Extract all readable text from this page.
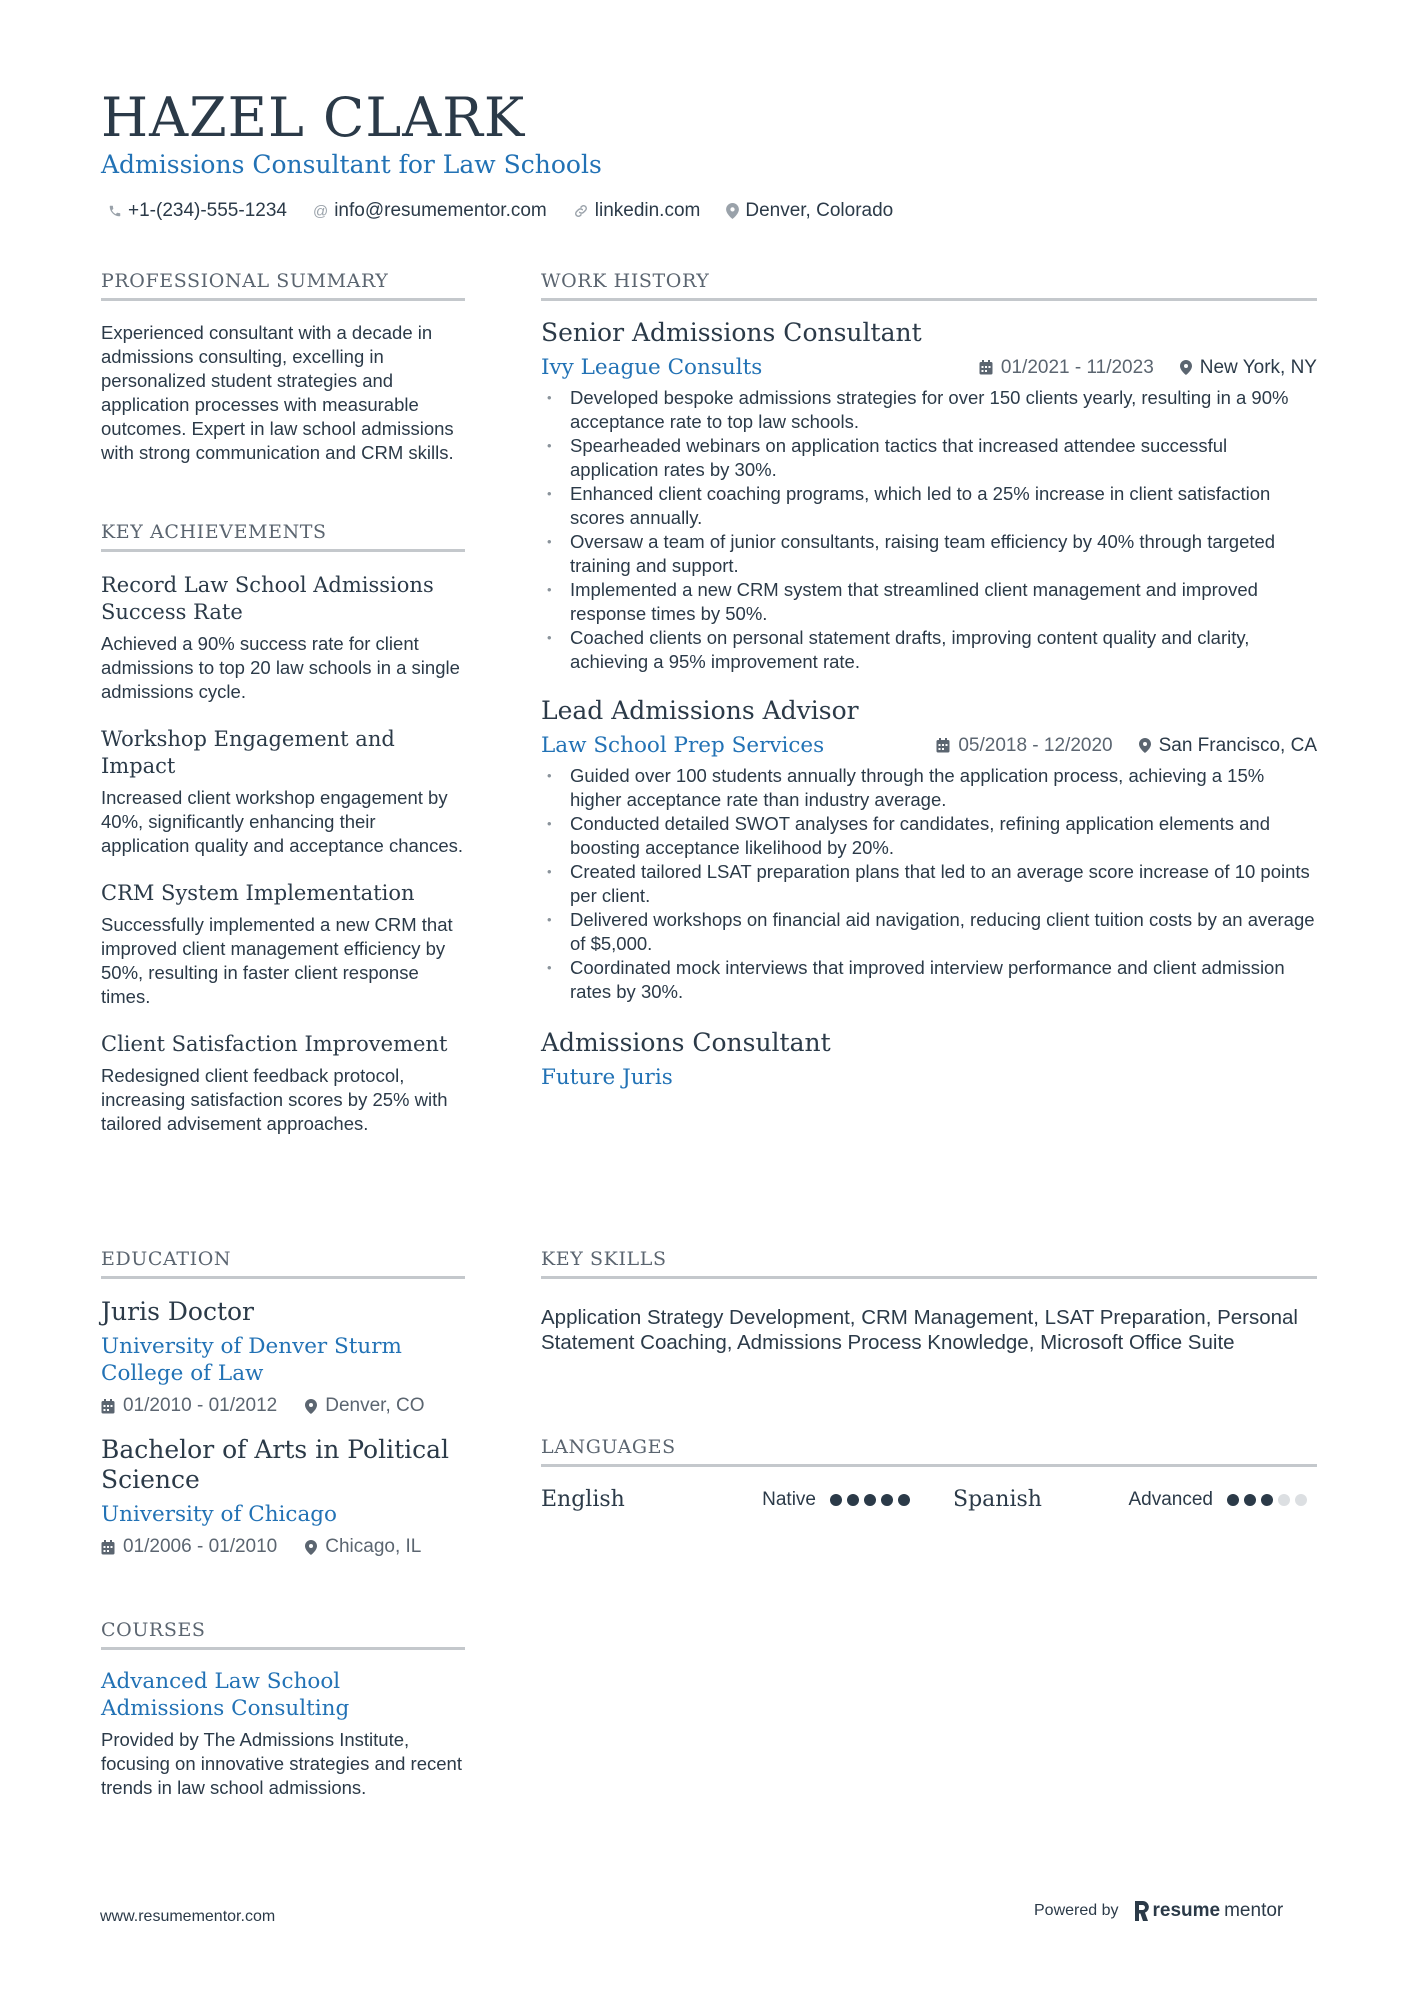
HAZEL CLARK
Admissions Consultant for Law Schools
+1-(234)-555-1234 @ info@resumementor.com	linkedin.com Denver, Colorado
PROFESSIONAL SUMMARY
Experienced consultant with a decade in admissions consulting, excelling in personalized student strategies and application processes with measurable outcomes. Expert in law school admissions with strong communication and CRM skills.
KEY ACHIEVEMENTS
Record Law School Admissions Success Rate
Achieved a 90% success rate for client admissions to top 20 law schools in a single admissions cycle.
Workshop Engagement and Impact
Increased client workshop engagement by 40%, significantly enhancing their application quality and acceptance chances.
CRM System Implementation
Successfully implemented a new CRM that improved client management efficiency by 50%, resulting in faster client response times.
Client Satisfaction Improvement
Redesigned client feedback protocol, increasing satisfaction scores by 25% with tailored advisement approaches.
EDUCATION
Juris Doctor
University of Denver Sturm College of Law
01/2010 - 01/2012	Denver, CO
Bachelor of Arts in Political Science
University of Chicago
01/2006 - 01/2010	Chicago, IL
COURSES
Advanced Law School Admissions Consulting
Provided by The Admissions Institute, focusing on innovative strategies and recent trends in law school admissions.
WORK HISTORY
Senior Admissions Consultant
Ivy League Consults	01/2021 - 11/2023 New York, NY
• Developed bespoke admissions strategies for over 150 clients yearly, resulting in a 90% acceptance rate to top law schools.
• Spearheaded webinars on application tactics that increased attendee successful application rates by 30%.
• Enhanced client coaching programs, which led to a 25% increase in client satisfaction scores annually.
• Oversaw a team of junior consultants, raising team efficiency by 40% through targeted training and support.
• Implemented a new CRM system that streamlined client management and improved response times by 50%.
• Coached clients on personal statement drafts, improving content quality and clarity, achieving a 95% improvement rate.
Lead Admissions Advisor
Law School Prep Services	05/2018 - 12/2020 San Francisco, CA
• Guided over 100 students annually through the application process, achieving a 15% higher acceptance rate than industry average.
• Conducted detailed SWOT analyses for candidates, refining application elements and boosting acceptance likelihood by 20%.
• Created tailored LSAT preparation plans that led to an average score increase of 10 points per client.
• Delivered workshops on financial aid navigation, reducing client tuition costs by an average of $5,000.
• Coordinated mock interviews that improved interview performance and client admission rates by 30%.
Admissions Consultant
Future Juris
KEY SKILLS
Application Strategy Development, CRM Management, LSAT Preparation, Personal Statement Coaching, Admissions Process Knowledge, Microsoft Office Suite
LANGUAGES
English	Native	Spanish	Advanced
www.resumementor.com	Powered by resume mentor
